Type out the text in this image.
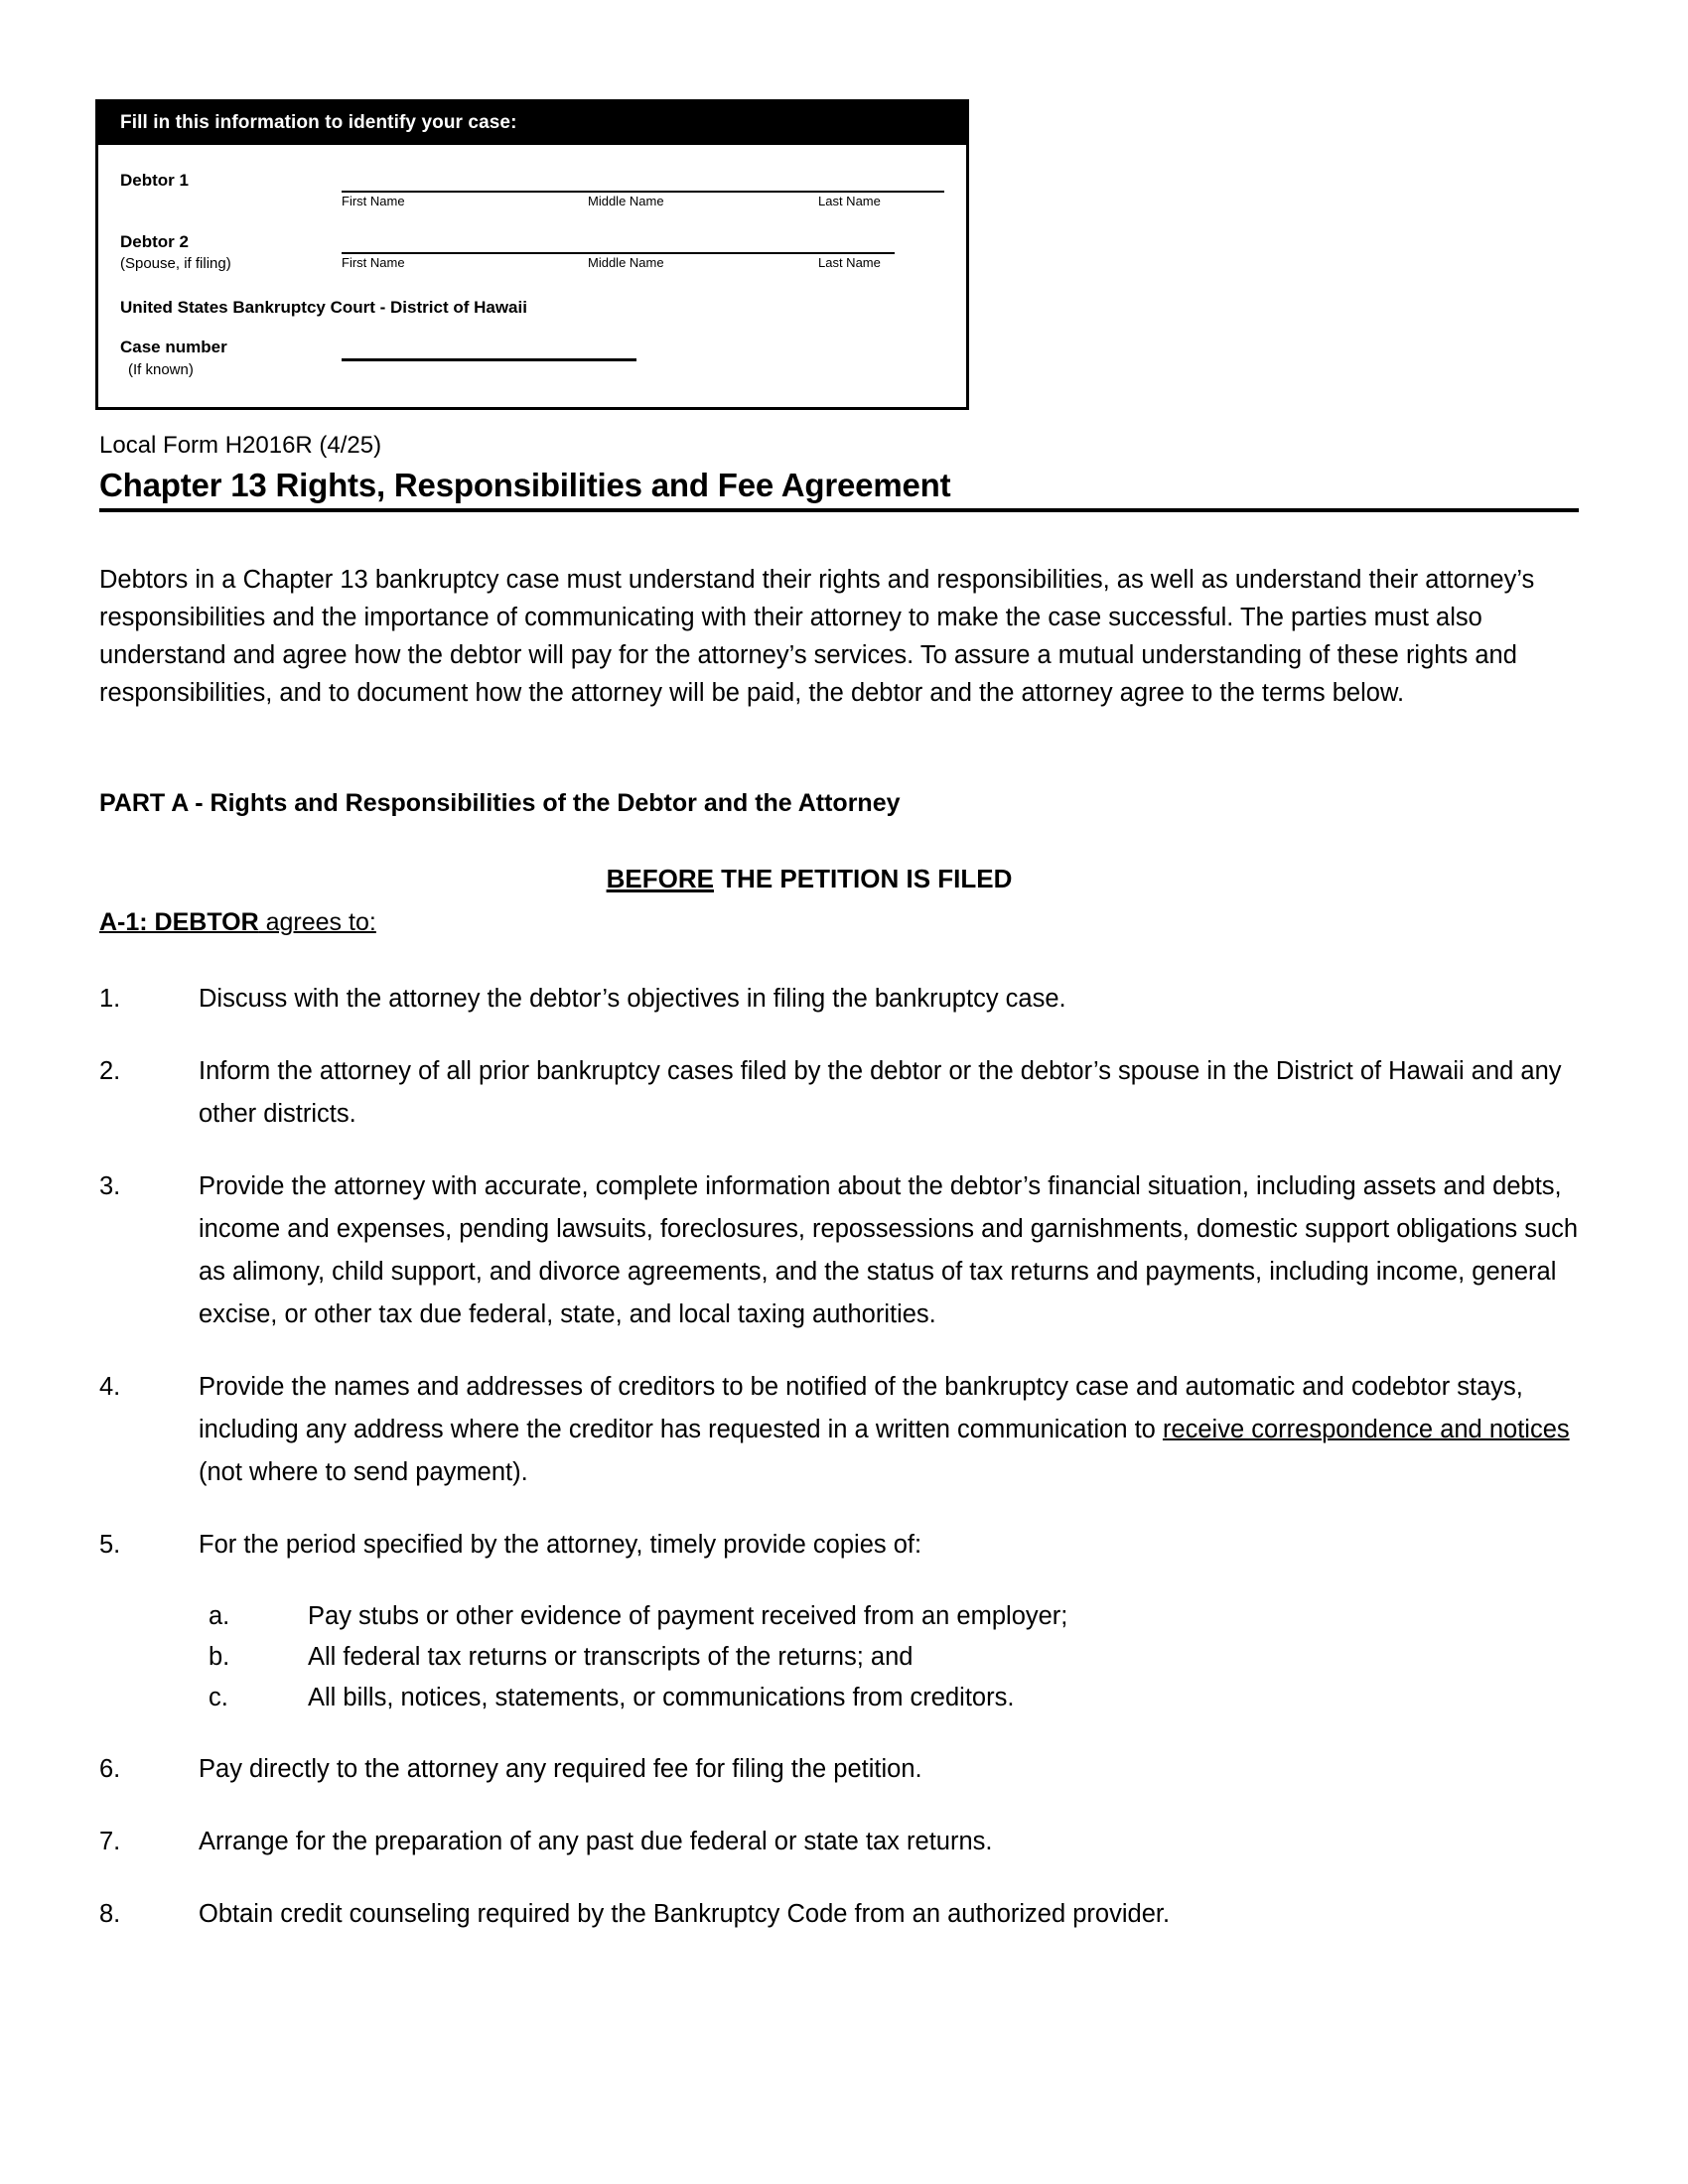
Fill in this information to identify your case:
Debtor 1
First Name	Middle Name	Last Name
Debtor 2
(Spouse, if filing)	First Name	Middle Name	Last Name
United States Bankruptcy Court - District of Hawaii
Case number
(If known)
Local Form H2016R (4/25)
Chapter 13 Rights, Responsibilities and Fee Agreement
Debtors in a Chapter 13 bankruptcy case must understand their rights and responsibilities, as well as understand their attorney’s responsibilities and the importance of communicating with their attorney to make the case successful. The parties must also understand and agree how the debtor will pay for the attorney’s services. To assure a mutual understanding of these rights and responsibilities, and to document how the attorney will be paid, the debtor and the attorney agree to the terms below.
PART A - Rights and Responsibilities of the Debtor and the Attorney
BEFORE THE PETITION IS FILED
A-1: DEBTOR agrees to:
1.	Discuss with the attorney the debtor’s objectives in filing the bankruptcy case.
2.	Inform the attorney of all prior bankruptcy cases filed by the debtor or the debtor’s spouse in the District of Hawaii and any other districts.
3.	Provide the attorney with accurate, complete information about the debtor’s financial situation, including assets and debts, income and expenses, pending lawsuits, foreclosures, repossessions and garnishments, domestic support obligations such as alimony, child support, and divorce agreements, and the status of tax returns and payments, including income, general excise, or other tax due federal, state, and local taxing authorities.
4.	Provide the names and addresses of creditors to be notified of the bankruptcy case and automatic and codebtor stays, including any address where the creditor has requested in a written communication to receive correspondence and notices (not where to send payment).
5.	For the period specified by the attorney, timely provide copies of:
a.	Pay stubs or other evidence of payment received from an employer;
b.	All federal tax returns or transcripts of the returns; and
c.	All bills, notices, statements, or communications from creditors.
6.	Pay directly to the attorney any required fee for filing the petition.
7.	Arrange for the preparation of any past due federal or state tax returns.
8.	Obtain credit counseling required by the Bankruptcy Code from an authorized provider.
